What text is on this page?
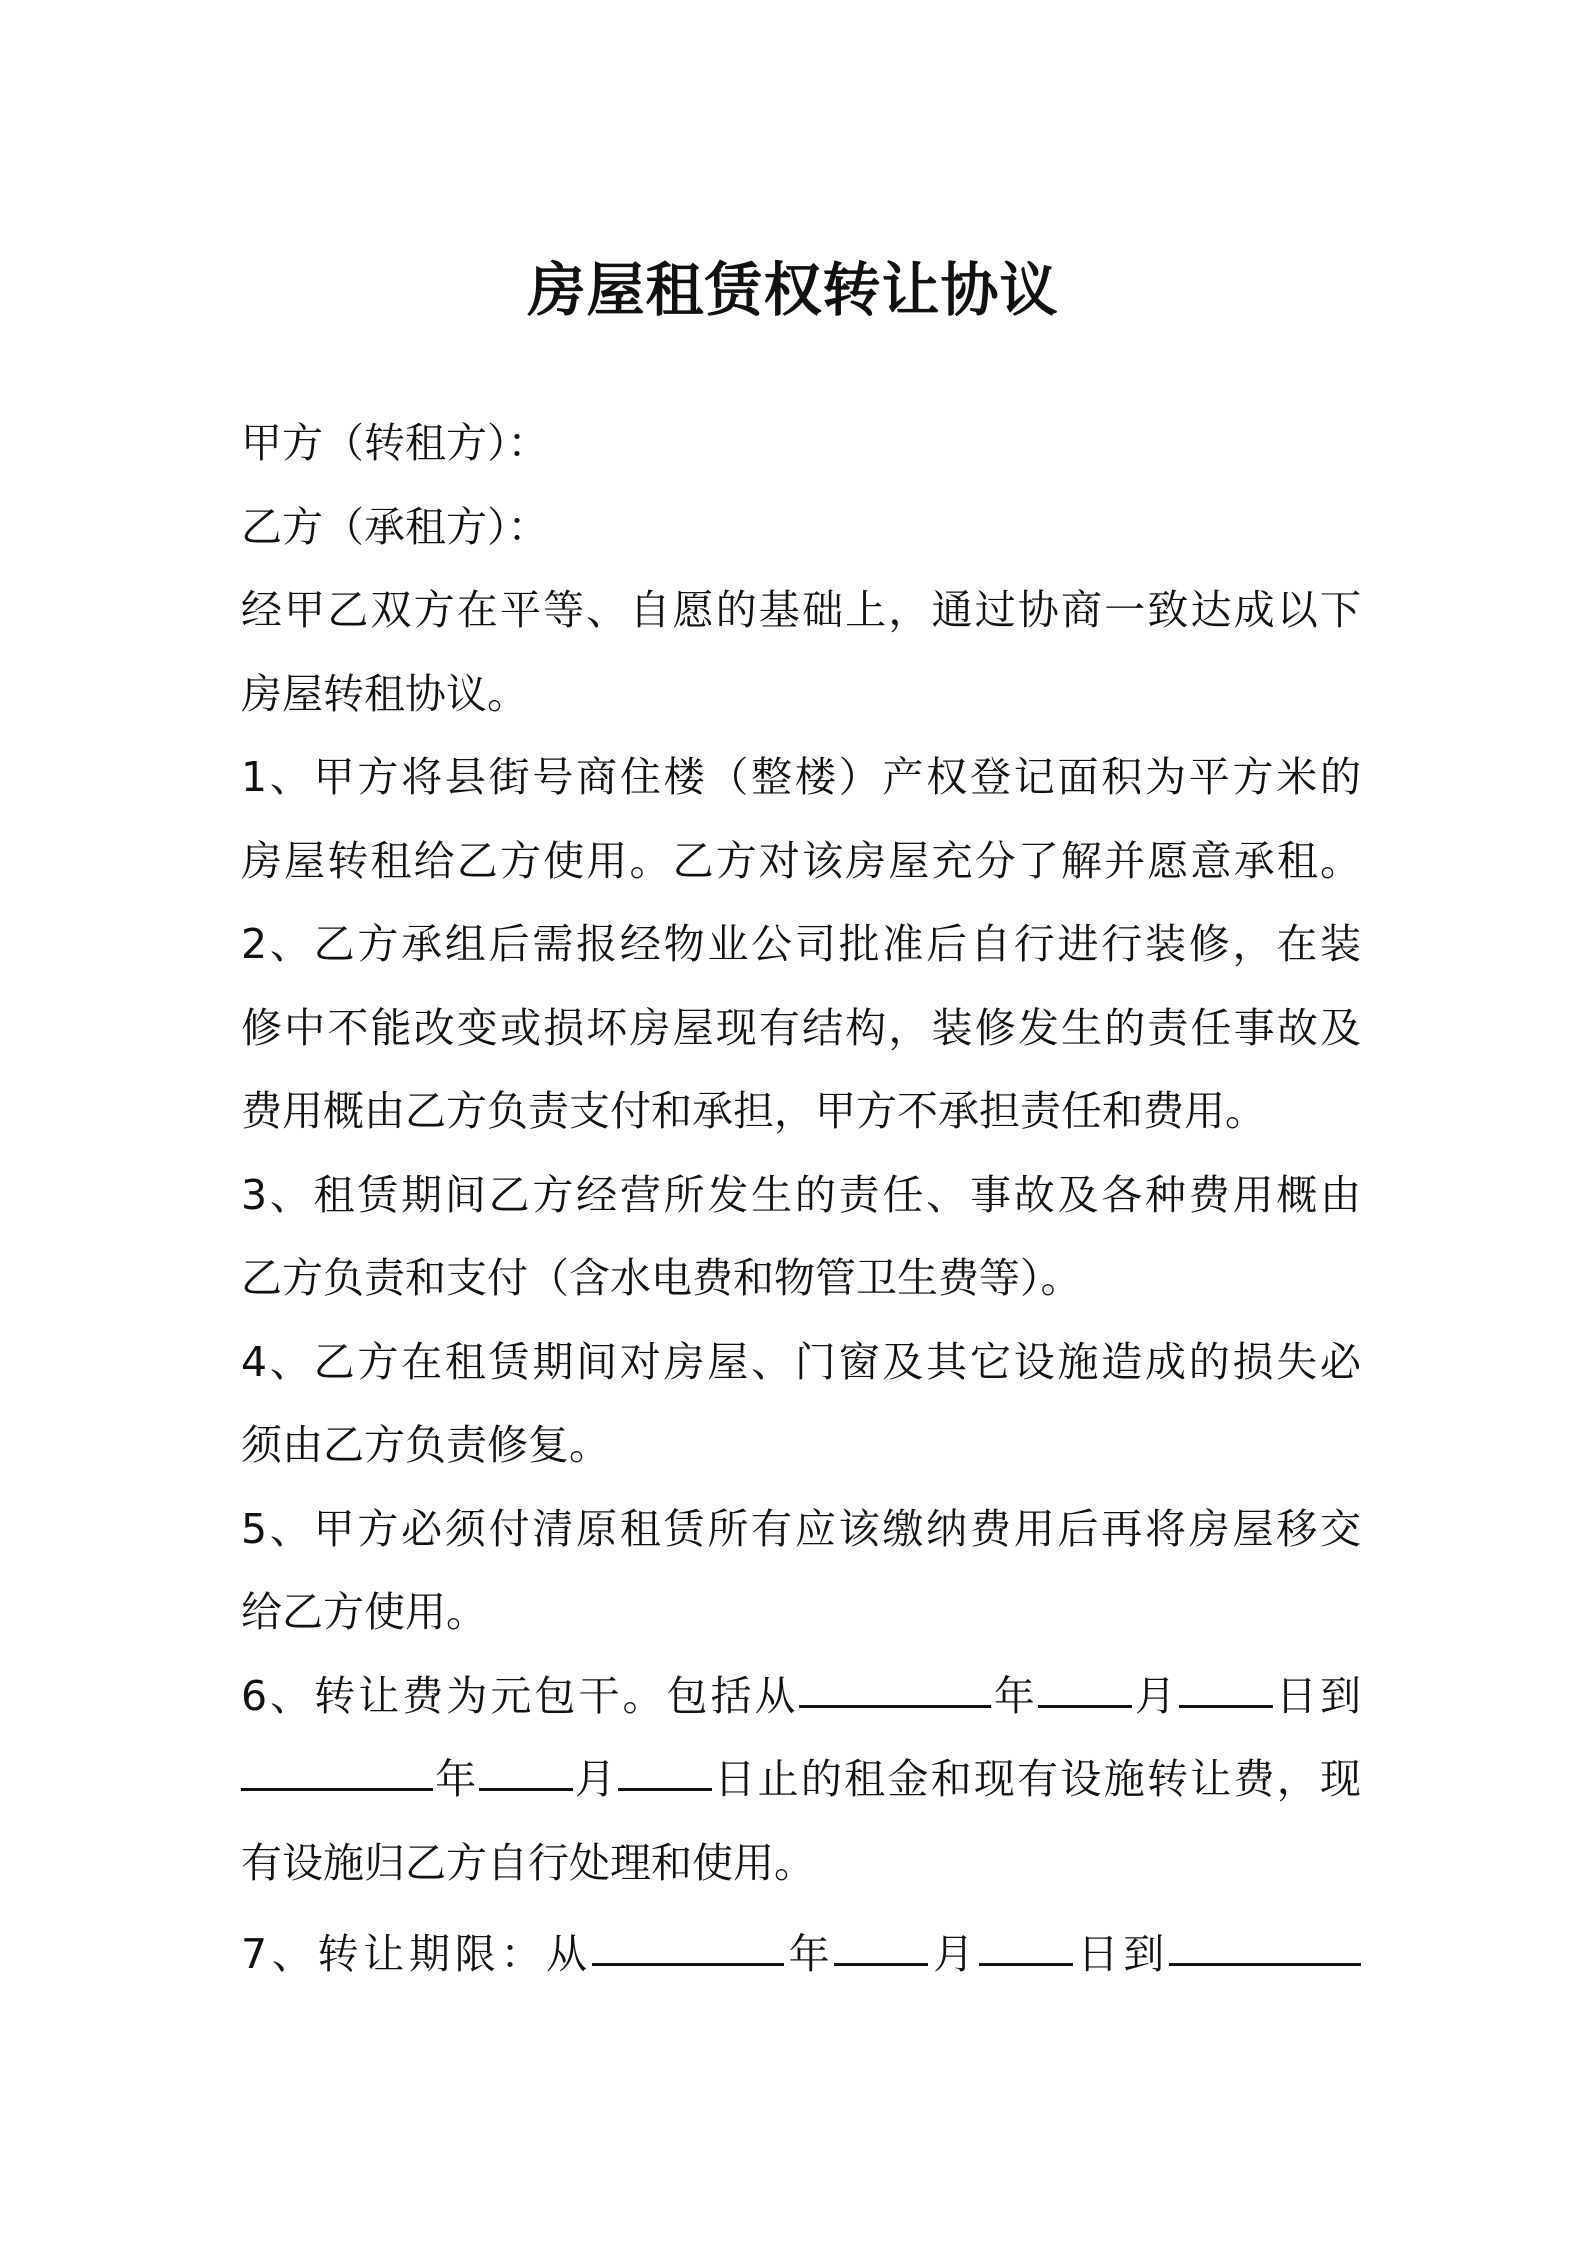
房屋租赁权转让协议
甲方（转租方）：
乙方（承租方）：
经甲乙双方在平等、自愿的基础上，通过协商一致达成以下
房屋转租协议。
1、甲方将县街号商住楼（整楼）产权登记面积为平方米的
房屋转租给乙方使用。乙方对该房屋充分了解并愿意承租。
2、乙方承组后需报经物业公司批准后自行进行装修，在装
修中不能改变或损坏房屋现有结构，装修发生的责任事故及
费用概由乙方负责支付和承担，甲方不承担责任和费用。
3、租赁期间乙方经营所发生的责任、事故及各种费用概由
乙方负责和支付（含水电费和物管卫生费等）。
4、乙方在租赁期间对房屋、门窗及其它设施造成的损失必
须由乙方负责修复。
5、甲方必须付清原租赁所有应该缴纳费用后再将房屋移交
给乙方使用。
6、转让费为元包干。包括从	年 月 日到
年 月 日止的租金和现有设施转让费，现
有设施归乙方自行处理和使用。
7、转让期限：从	年 月 日到
